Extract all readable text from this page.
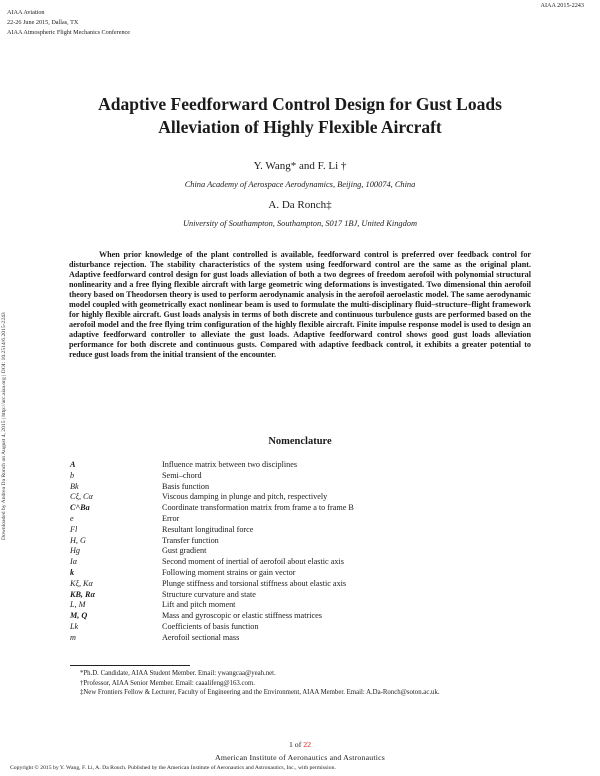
AIAA Aviation
22-26 June 2015, Dallas, TX
AIAA Atmospheric Flight Mechanics Conference
AIAA 2015-2243
Downloaded by Andrea Da Ronch on August 4, 2015 | http://arc.aiaa.org | DOI: 10.2514/6.2015-2243
Adaptive Feedforward Control Design for Gust Loads
Alleviation of Highly Flexible Aircraft
Y. Wang* and F. Li †
China Academy of Aerospace Aerodynamics, Beijing, 100074, China
A. Da Ronch‡
University of Southampton, Southampton, S017 1BJ, United Kingdom
When prior knowledge of the plant controlled is available, feedforward control is preferred over feedback control for disturbance rejection. The stability characteristics of the system using feedforward control are the same as the original plant. Adaptive feedforward control design for gust loads alleviation of both a two degrees of freedom aerofoil with polynomial structural nonlinearity and a free flying flexible aircraft with large geometric wing deformations is investigated. Two dimensional thin aerofoil theory based on Theodorsen theory is used to perform aerodynamic analysis in the aerofoil aeroelastic model. The same aerodynamic model coupled with geometrically exact nonlinear beam is used to formulate the multi-disciplinary fluid–structure–flight framework for highly flexible aircraft. Gust loads analysis in terms of both discrete and continuous turbulence gusts are performed based on the aerofoil model and the free flying trim configuration of the highly flexible aircraft. Finite impulse response model is used to design an adaptive feedforward controller to alleviate the gust loads. Adaptive feedforward control shows good gust loads alleviation performance for both discrete and continuous gusts. Compared with adaptive feedback control, it exhibits a greater potential to reduce gust loads from the initial transient of the encounter.
Nomenclature
A	Influence matrix between two disciplines
b	Semi–chord
Bk	Basis function
Cξ, Cα	Viscous damping in plunge and pitch, respectively
C^Ba	Coordinate transformation matrix from frame a to frame B
e	Error
Fl	Resultant longitudinal force
H, G	Transfer function
Hg	Gust gradient
Iα	Second moment of inertial of aerofoil about elastic axis
k	Following moment strains or gain vector
Kξ, Kα	Plunge stiffness and torsional stiffness about elastic axis
KB, Rα	Structure curvature and state
L, M	Lift and pitch moment
M, Q	Mass and gyroscopic or elastic stiffness matrices
Lk	Coefficients of basis function
m	Aerofoil sectional mass
*Ph.D. Candidate, AIAA Student Member. Email: ywangcaa@yeah.net.
†Professor, AIAA Senior Member. Email: caaalifeng@163.com.
‡New Frontiers Fellow & Lecturer, Faculty of Engineering and the Environment, AIAA Member. Email: A.Da-Ronch@soton.ac.uk.
1 of 22
American Institute of Aeronautics and Astronautics
Copyright © 2015 by Y. Wang, F. Li, A. Da Ronch. Published by the American Institute of Aeronautics and Astronautics, Inc., with permission.
